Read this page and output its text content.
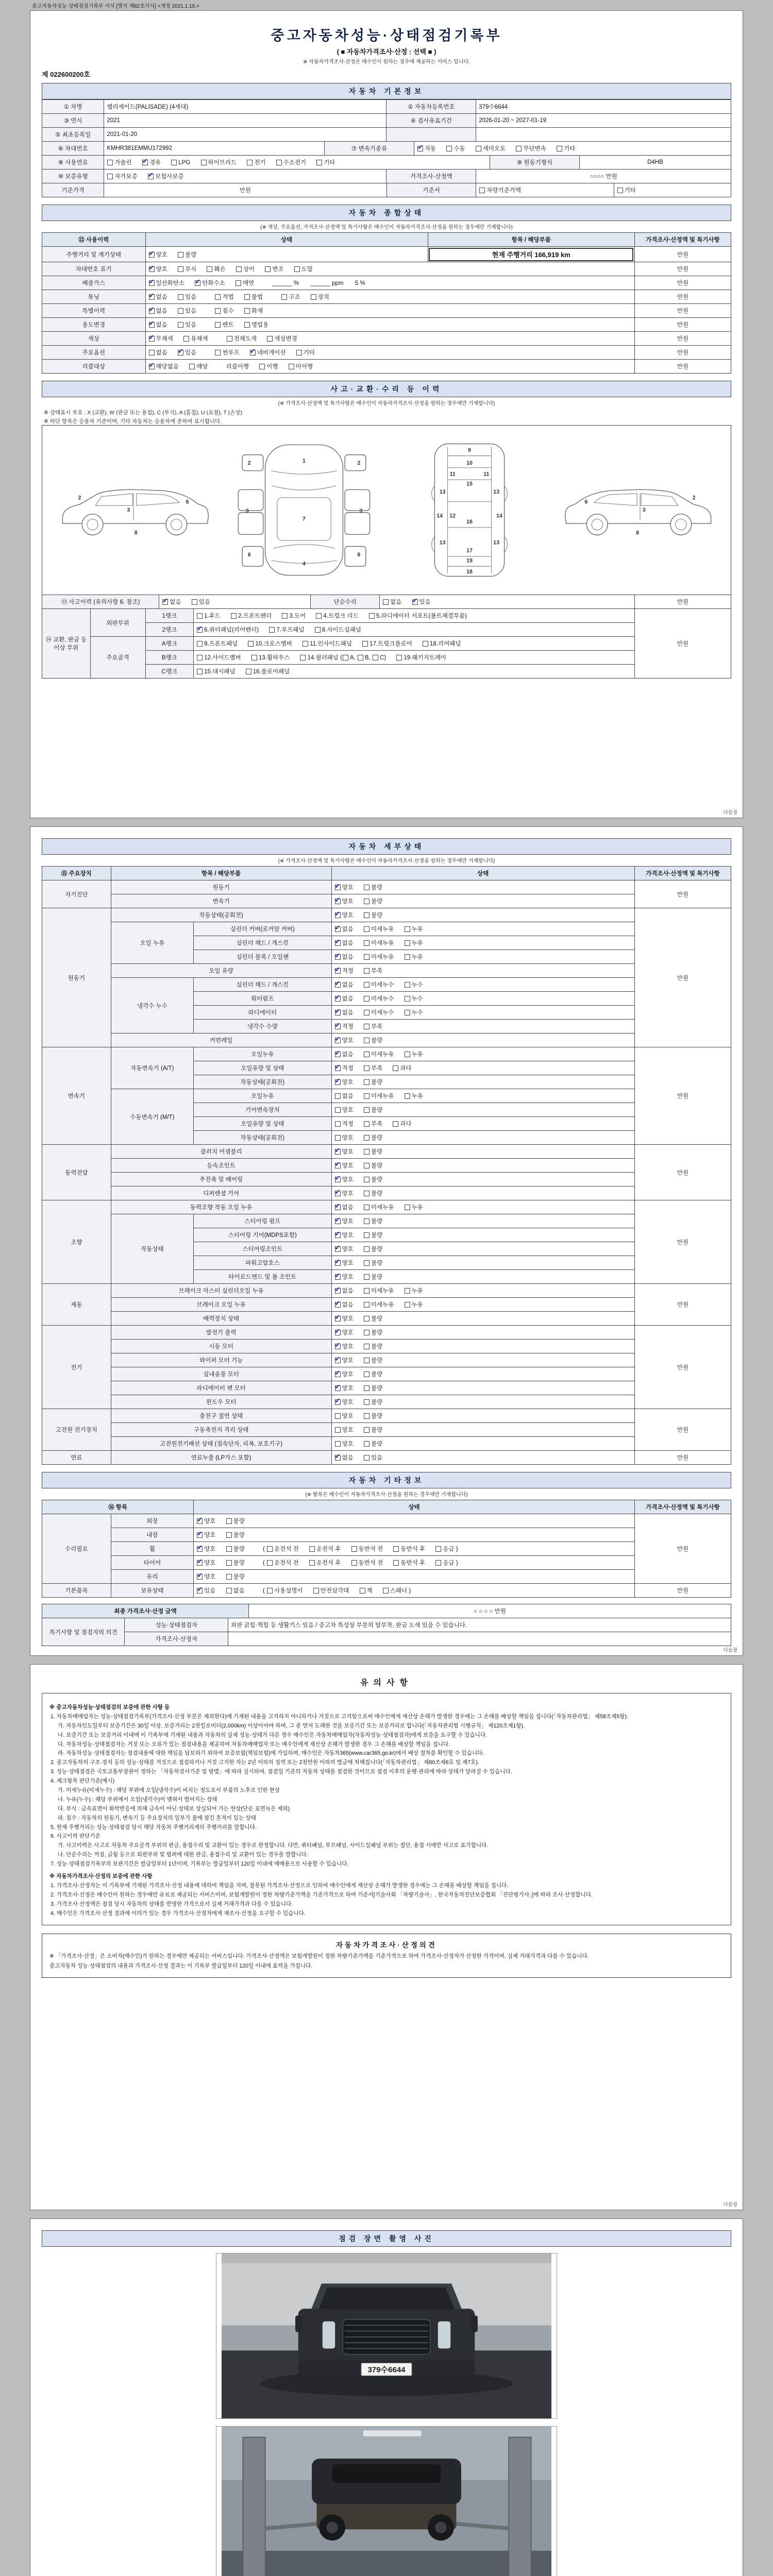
중고자동차성능·상태점검기록부 서식 [별지 제82호서식] <개정 2021.1.19.>
중고자동차성능·상태점검기록부
( ■ 자동차가격조사·산정 : 선택 ■ )
※ 자동차가격조사·산정은 매수인이 원하는 경우에 제공하는 서비스 입니다.
제 022600200호
자동차 기본정보
① 차명	팰리세이드(PALISADE) (4세대)	② 자동차등록번호	379수6644
③ 연식	2021	④ 검사유효기간	2026-01-20 ~ 2027-01-19
⑤ 최초등록일	2021-01-20		
⑥ 차대번호	KMHR381EMMU172992	⑦ 변속기종류	✔자동	수동	세미오토	무단변속	기타
⑧ 사용연료	가솔린 ✔	경유	LPG	하이브리드	전기	수소전기	기타	⑨ 원동기형식	D4HB
⑩ 보증유형	자가보증 ✔	보험사보증	가격조사·산정액	○○○○ 만원
기준가격	만원	기준서	차량기준가액	기타
자동차 종합상태
(※ 색상, 주요옵션, 가격조사·산정액 및 특기사항은 매수인이 자동차가격조사·산정을 원하는 경우에만 기재합니다)
⑫ 사용이력	상태	항목 / 해당부품	가격조사·산정액 및 특기사항
주행거리 및 계기상태	✔양호	불량	현재 주행거리 166,919 km	만원
차대번호 표기	✔양호	부식	훼손	상이	변조	도말	만원
배출가스	✔일산화탄소 ✔	탄화수소	매연	______ %  ______ ppm  5 %	만원
튜닝	✔없음	있음	적법	불법	구조	장치	만원
특별이력	✔없음	있음	침수	화재	만원
용도변경	✔없음	있음	렌트	영업용	만원
색상	✔무채색	유채색	전체도색	색상변경	만원
주요옵션	없음 ✔	있음	썬루프 ✔	네비게이션	기타	만원
리콜대상	✔해당없음	해당	리콜이행	이행	미이행	만원
사고·교환·수리 등 이력
(※ 가격조사·산정액 및 특기사항은 매수인이 자동차가격조사·산정을 원하는 경우에만 기재합니다)
※ 상태표시 부호 : X (교환), W (판금 또는 용접), C (부식), A (흠집), U (요철), T (손상)
※ 하단 항목은 승용차 기준이며, 기타 자동차는 승용차에 준하여 표시합니다.
2
3
6
8
1
2	2
3	3
7
6	6
4
9
10
11	11
15
13	13
12
14	14
16
13	13
17
19
18
6
3
2
8
⑬ 사고이력 (유의사항 6. 참조)	✔없음	있음	단순수리	없음 ✔	있음	만원
⑭ 교환, 판금 등 이상 부위	외판부위	1랭크	1.후드 2.프론트펜더 3.도어 4.트렁크 리드 5.라디에이터 서포트(볼트체결부품)	만원
		2랭크	✔6.쿼터패널(리어펜더) 7.루프패널 8.사이드실패널
	주요골격	A랭크	9.프론트패널 10.크로스멤버 11.인사이드패널 17.트렁크플로어 18.리어패널	
		B랭크	12.사이드멤버 13.휠하우스 14.필러패널 ( A, B, C) 19.패키지트레이	
		C랭크	15.대시패널 16.플로어패널	
다음장
자동차 세부상태
(※ 가격조사·산정액 및 특기사항은 매수인이 자동차가격조사·산정을 원하는 경우에만 기재합니다)
⑮ 주요장치	항목 / 해당부품		상태	가격조사·산정액 및 특기사항
자기진단	원동기	✔양호 불량	만원
	변속기	✔양호 불량
원동기	작동상태(공회전)	✔양호 불량	만원
	오일 누유	실린더 커버(로커암 커버)	✔없음 미세누유 누유
		실린더 헤드 / 개스킷	✔없음 미세누유 누유
		실린더 블록 / 오일팬	✔없음 미세누유 누유
	오일 유량	✔적정 부족
	냉각수 누수	실린더 헤드 / 개스킷	✔없음 미세누수 누수
		워터펌프	✔없음 미세누수 누수
		라디에이터	✔없음 미세누수 누수
		냉각수 수량	✔적정 부족
	커먼레일	✔양호 불량
변속기	자동변속기 (A/T)	오일누유	✔없음 미세누유 누유	만원
		오일유량 및 상태	✔적정 부족 과다
		작동상태(공회전)	✔양호 불량
	수동변속기 (M/T)	오일누유	없음 미세누유 누유	
		기어변속장치	양호 불량	
		오일유량 및 상태	적정 부족 과다	
		작동상태(공회전)	양호 불량	
동력전달	클러치 어셈블리	✔양호 불량	만원
	등속조인트	✔양호 불량
	추진축 및 베어링	✔양호 불량
	디퍼렌셜 기어	✔양호 불량
조향	동력조향 작동 오일 누유	✔없음 미세누유 누유	만원
	작동상태	스티어링 펌프	✔양호 불량
		스티어링 기어(MDPS포함)	✔양호 불량
		스티어링조인트	✔양호 불량
		파워고압호스	✔양호 불량
		타이로드엔드 및 볼 조인트	✔양호 불량
제동	브레이크 마스터 실린더오일 누유	✔없음 미세누유 누유	만원
	브레이크 오일 누유	✔없음 미세누유 누유
	배력장치 상태	✔양호 불량
전기	발전기 출력	✔양호 불량	만원
	시동 모터	✔양호 불량
	와이퍼 모터 기능	✔양호 불량
	실내송풍 모터	✔양호 불량
	라디에이터 팬 모터	✔양호 불량
	윈도우 모터	✔양호 불량
고전원 전기장치	충전구 절연 상태		양호 불량	만원
	구동축전지 격리 상태		양호 불량	
	고전원전기배선 상태 (접속단자, 피복, 보호기구)		양호 불량	
연료	연료누출 (LP가스 포함)	✔없음 있음	만원
자동차 기타정보
(※ 항목은 매수인이 자동차가격조사·산정을 원하는 경우에만 기재합니다)
⑯ 항목		상태	가격조사·산정액 및 특기사항
수리필요	외장	✔양호 불량	만원
	내장	✔양호 불량
	휠	✔양호 불량 ( 운전석 전 운전석 후 동반석 전 동반석 후 응급 )
	타이어	✔양호 불량 ( 운전석 전 운전석 후 동반석 전 동반석 후 응급 )
	유리	✔양호 불량
기본품목	보유상태	✔있음 없음 ( 사용설명서 안전삼각대 잭 스패너 )	만원
최종 가격조사·산정 금액	○ ○ ○ ○ 만원
특기사항 및 점검자의 의견	성능·상태점검자	외판 긁힘·찍힘 등 생활기스 있음 / 중고차 특성상 부분의 탈부착, 판금 도색 있을 수 있습니다.
	가격조사·산정자	
다음장
유의사항
※ 중고자동차성능·상태점검의 보증에 관한 사항 등
1. 자동차매매업자는 성능·상태점검기록부(가격조사·산정 부분은 제외한다)에 기재된 내용을 고지하지 아니하거나 거짓으로 고지함으로써 매수인에게 재산상 손해가 발생한 경우에는 그 손해를 배상할 책임을 집니다(「자동차관리법」 제58조제5항).
가. 자동차인도일부터 보증기간은 30일 이상, 보증거리는 2천킬로미터(2,000km) 이상이어야 하며, 그 중 먼저 도래한 것을 보증기간 또는 보증거리로 합니다(「자동차관리법 시행규칙」 제120조제1항).
나. 보증기간 또는 보증거리 이내에 이 기록부에 기재된 내용과 자동차의 실제 성능·상태가 다른 경우 매수인은 자동차매매업자(자동차성능·상태점검자)에게 보증을 요구할 수 있습니다.
다. 자동차성능·상태점검자는 거짓 또는 오류가 있는 점검내용을 제공하여 자동차매매업자 또는 매수인에게 재산상 손해가 발생한 경우 그 손해를 배상할 책임을 집니다.
라. 자동차성능·상태점검자는 점검내용에 대한 책임을 담보하기 위하여 보증보험(책임보험)에 가입하며, 매수인은 자동차365(www.car365.go.kr)에서 배상 절차를 확인할 수 있습니다.
2. 중고자동차의 구조·장치 등의 성능·상태를 거짓으로 점검하거나 거짓 고지한 자는 2년 이하의 징역 또는 2천만원 이하의 벌금에 처해집니다(「자동차관리법」 제80조제6호 및 제7호).
3. 성능·상태점검은 국토교통부장관이 정하는 「자동차검사기준 및 방법」에 따라 실시하며, 점검일 기준의 자동차 상태를 점검한 것이므로 점검 이후의 운행·관리에 따라 상태가 달라질 수 있습니다.
4. 체크항목 판단기준(예시)
가. 미세누유(미세누수) : 해당 부위에 오일(냉각수)이 비치는 정도로서 부품의 노후로 인한 현상
나. 누유(누수) : 해당 부위에서 오일(냉각수)이 맺혀서 떨어지는 상태
다. 부식 : 금속표면이 화학반응에 의해 금속이 아닌 상태로 상실되어 가는 현상(단순 표면녹은 제외)
라. 침수 : 자동차의 원동기, 변속기 등 주요장치의 일부가 물에 잠긴 흔적이 있는 상태
5. 현재 주행거리는 성능·상태점검 당시 해당 자동차 주행거리계의 주행거리를 말합니다.
6. 사고이력 판단기준
가. 사고이력은 사고로 자동차 주요골격 부위의 판금, 용접수리 및 교환이 있는 경우로 한정합니다. 다만, 쿼터패널, 루프패널, 사이드실패널 부위는 절단, 용접 시에만 사고로 표기합니다.
나. 단순수리는 꺼짐, 긁힘 등으로 외판부위 및 범퍼에 대한 판금, 용접수리 및 교환이 있는 경우를 말합니다.
7. 성능·상태점검기록부의 보관기간은 발급일부터 1년이며, 기록부는 발급일부터 120일 이내에 매매용으로 사용할 수 있습니다.
※ 자동차가격조사·산정의 보증에 관한 사항
1. 가격조사·산정자는 이 기록부에 기재된 가격조사·산정 내용에 대하여 책임을 지며, 잘못된 가격조사·산정으로 인하여 매수인에게 재산상 손해가 발생한 경우에는 그 손해를 배상할 책임을 집니다.
2. 가격조사·산정은 매수인이 원하는 경우에만 유료로 제공되는 서비스이며, 보험개발원이 정한 차량기준가액을 기준가격으로 하여 기준서[기술사회 「차량기술사」, 한국자동차진단보증협회 「진단평가사」]에 따라 조사·산정합니다.
3. 가격조사·산정액은 점검 당시 자동차의 상태를 반영한 가격으로서 실제 거래가격과 다를 수 있습니다.
4. 매수인은 가격조사·산정 결과에 이의가 있는 경우 가격조사·산정자에게 재조사·산정을 요구할 수 있습니다.
자동차가격조사·산정의견

※ 「가격조사·산정」은 소비자(매수인)가 원하는 경우에만 제공되는 서비스입니다. 가격조사·산정액은 보험개발원이 정한 차량기준가액을 기준가격으로 하여 가격조사·산정자가 산정한 가격이며, 실제 거래가격과 다를 수 있습니다.

중고자동차 성능·상태점검의 내용과 가격조사·산정 결과는 이 기록부 발급일부터 120일 이내에 효력을 가집니다.

다음장
점검 장면 촬영 사진
379수6644
